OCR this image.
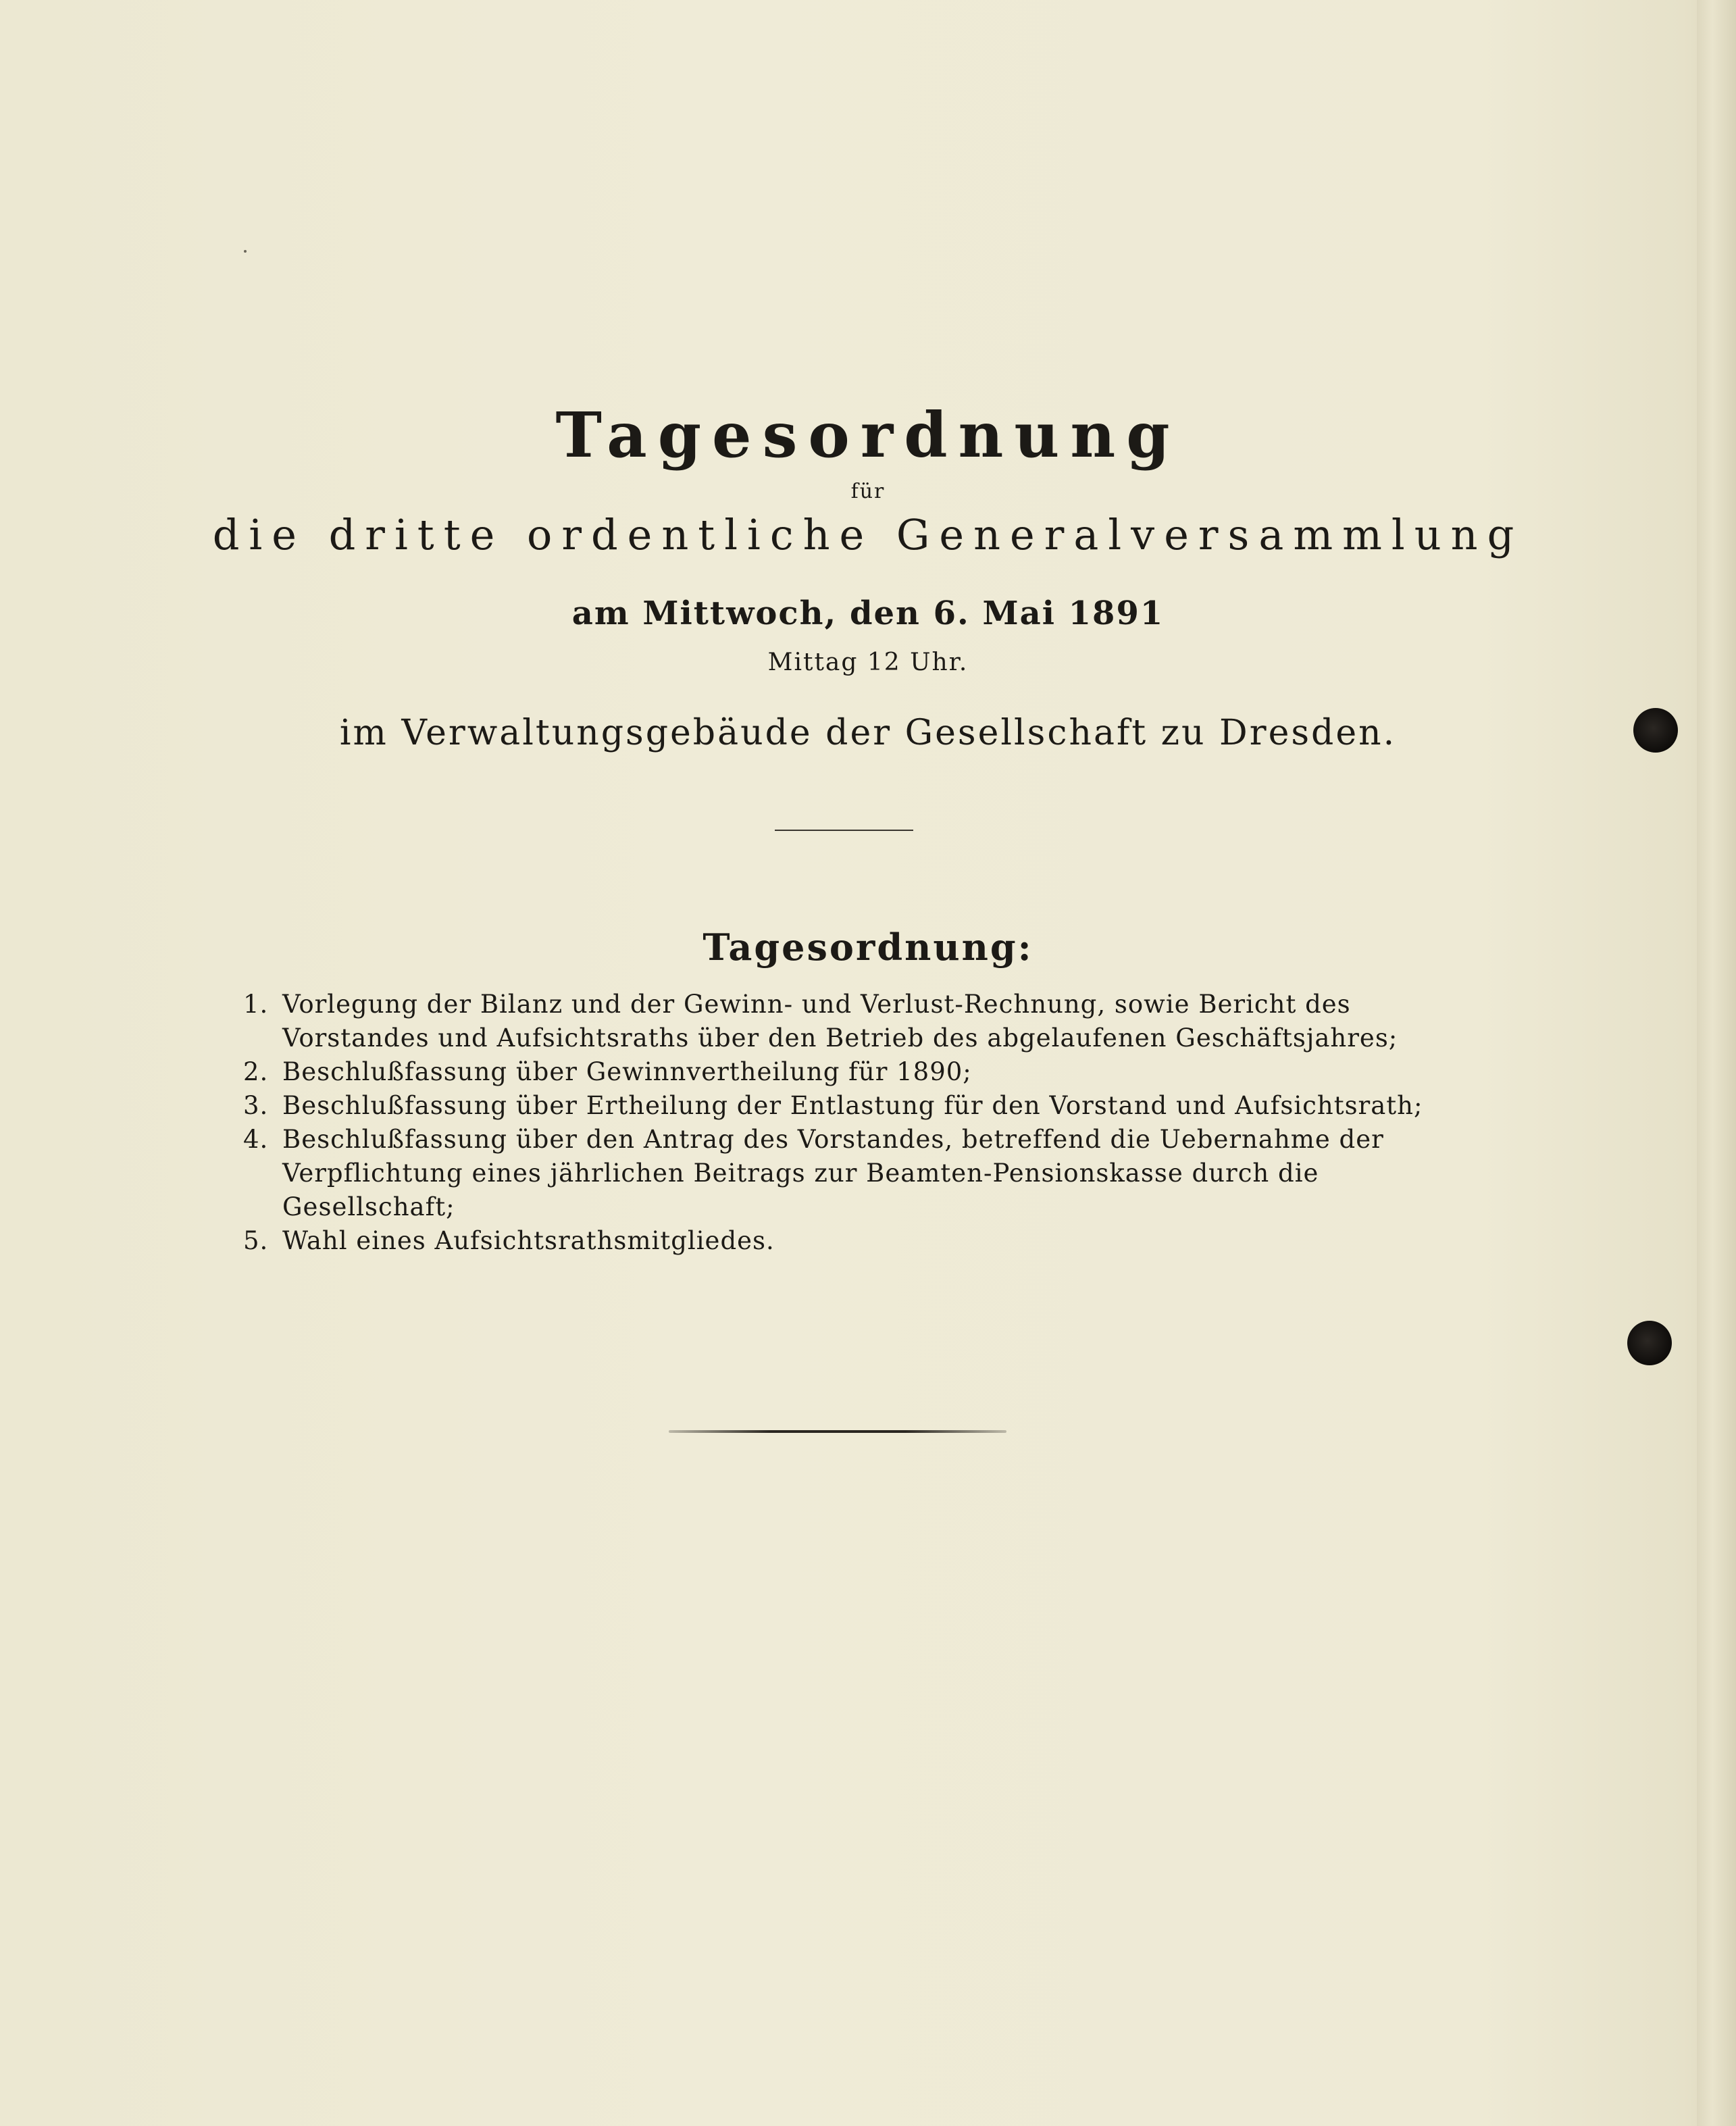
Tagesordnung
für
die dritte ordentliche Generalversammlung
am Mittwoch, den 6. Mai 1891
Mittag 12 Uhr.
im Verwaltungsgebäude der Gesellschaft zu Dresden.
Tagesordnung:
1. Vorlegung der Bilanz und der Gewinn- und Verlust-Rechnung, sowie Bericht des Vorstandes und Aufsichtsraths über den Betrieb des abgelaufenen Geschäftsjahres;
2. Beschlußfassung über Gewinnvertheilung für 1890;
3. Beschlußfassung über Ertheilung der Entlastung für den Vorstand und Aufsichtsrath;
4. Beschlußfassung über den Antrag des Vorstandes, betreffend die Uebernahme der Verpflichtung eines jährlichen Beitrags zur Beamten-Pensionskasse durch die Gesellschaft;
5. Wahl eines Aufsichtsrathsmitgliedes.
